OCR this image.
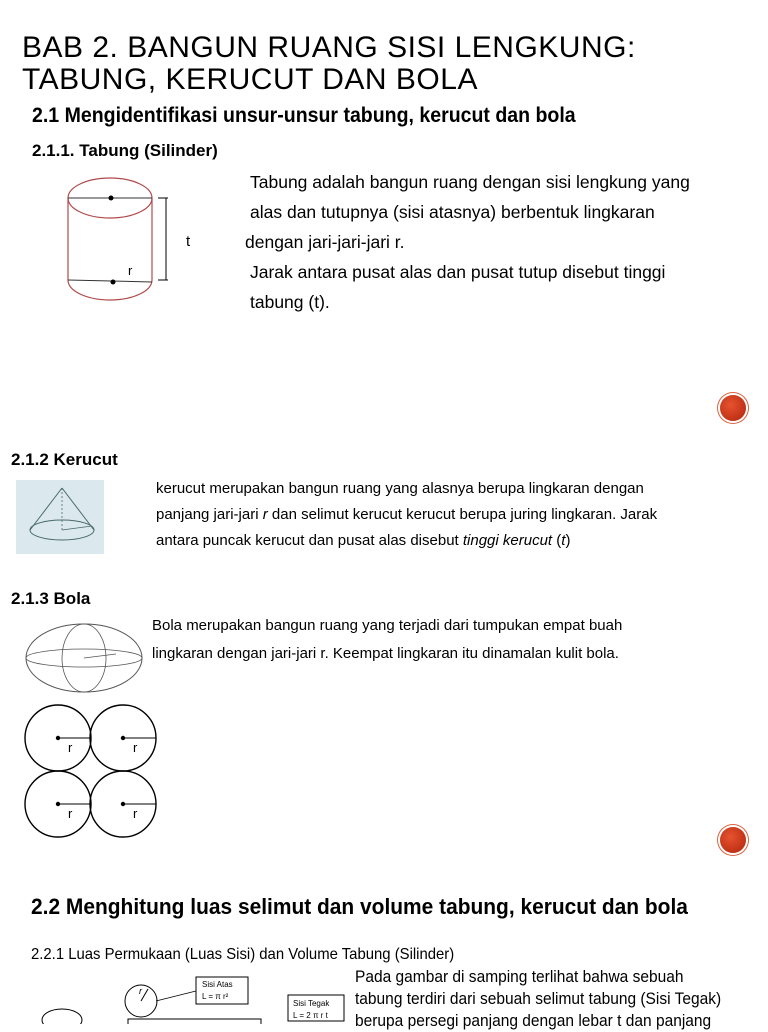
BAB 2. BANGUN RUANG SISI LENGKUNG:
TABUNG, KERUCUT DAN BOLA
2.1 Mengidentifikasi unsur-unsur tabung, kerucut dan bola
2.1.1. Tabung (Silinder)
r
t
Tabung adalah bangun ruang dengan sisi lengkung yang
alas dan tutupnya (sisi atasnya) berbentuk lingkaran
dengan jari-jari-jari r.
Jarak antara pusat alas dan pusat tutup disebut tinggi
tabung (t).
2.1.2 Kerucut
kerucut merupakan bangun ruang yang alasnya berupa lingkaran dengan
panjang jari-jari r dan selimut kerucut kerucut berupa juring lingkaran. Jarak
antara puncak kerucut dan pusat alas disebut tinggi kerucut (t)
2.1.3 Bola
Bola merupakan bangun ruang yang terjadi dari tumpukan empat buah
lingkaran dengan jari-jari r. Keempat lingkaran itu dinamalan kulit bola.
r	r
r	r
2.2 Menghitung luas selimut dan volume tabung, kerucut dan bola
2.2.1 Luas Permukaan (Luas Sisi) dan Volume Tabung (Silinder)
r
Sisi Atas
L = π r²
Sisi Tegak
L = 2 π r t
Pada gambar di samping terlihat bahwa sebuah
tabung terdiri dari sebuah selimut tabung (Sisi Tegak)
berupa persegi panjang dengan lebar t dan panjang
